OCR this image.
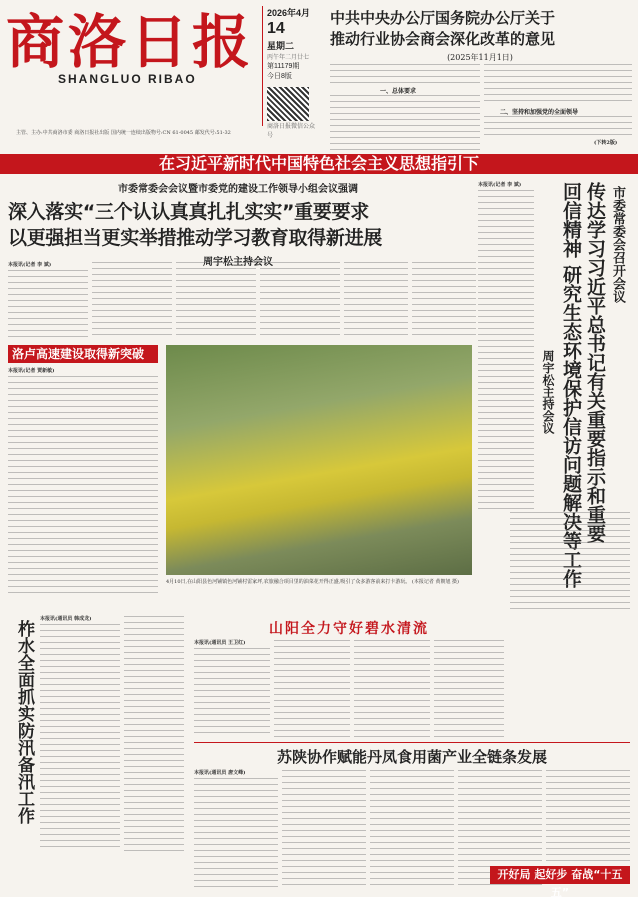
商洛日报
SHANGLUO RIBAO
2026年4月
14
星期二
丙午年二月廿七
第11179期
今日8版
商洛日报微信公众号
主管、主办:中共商洛市委 商洛日报社出版 国内统一连续出版物号:CN 61-0045 邮发代号:51-32
中共中央办公厅国务院办公厅关于
推动行业协会商会深化改革的意见
(2025年11月1日)
一、总体要求
二、坚持和加强党的全面领导
(下转2版)
在习近平新时代中国特色社会主义思想指引下
市委常委会会议暨市委党的建设工作领导小组会议强调
深入落实“三个认认真真扎扎实实”重要要求
以更强担当更实举措推动学习教育取得新进展
周宇松主持会议
本报讯(记者 李 斌)	市委常委会召开会议
传达学习习近平总书记有关重要指示和重要
回信精神 研究生态环境保护信访问题解决等工作
周宇松主持会议
本报讯(记者 李 斌)
洛卢高速建设取得新突破
本报讯(记者 贾新敏)
4月10日,在山阳县色河铺镇色河铺村雷家坪,农旅融合项目里的油菜花开得正盛,吸引了众多游客前来打卡游玩。 (本报记者 黄朝旭 摄)
柞水全面抓实防汛备汛工作
本报讯(通讯员 韩成龙)
山阳全力守好碧水清流
本报讯(通讯员 王卫红)
苏陕协作赋能丹凤食用菌产业全链条发展
本报讯(通讯员 唐文峰)
开好局 起好步 奋战“十五五”
